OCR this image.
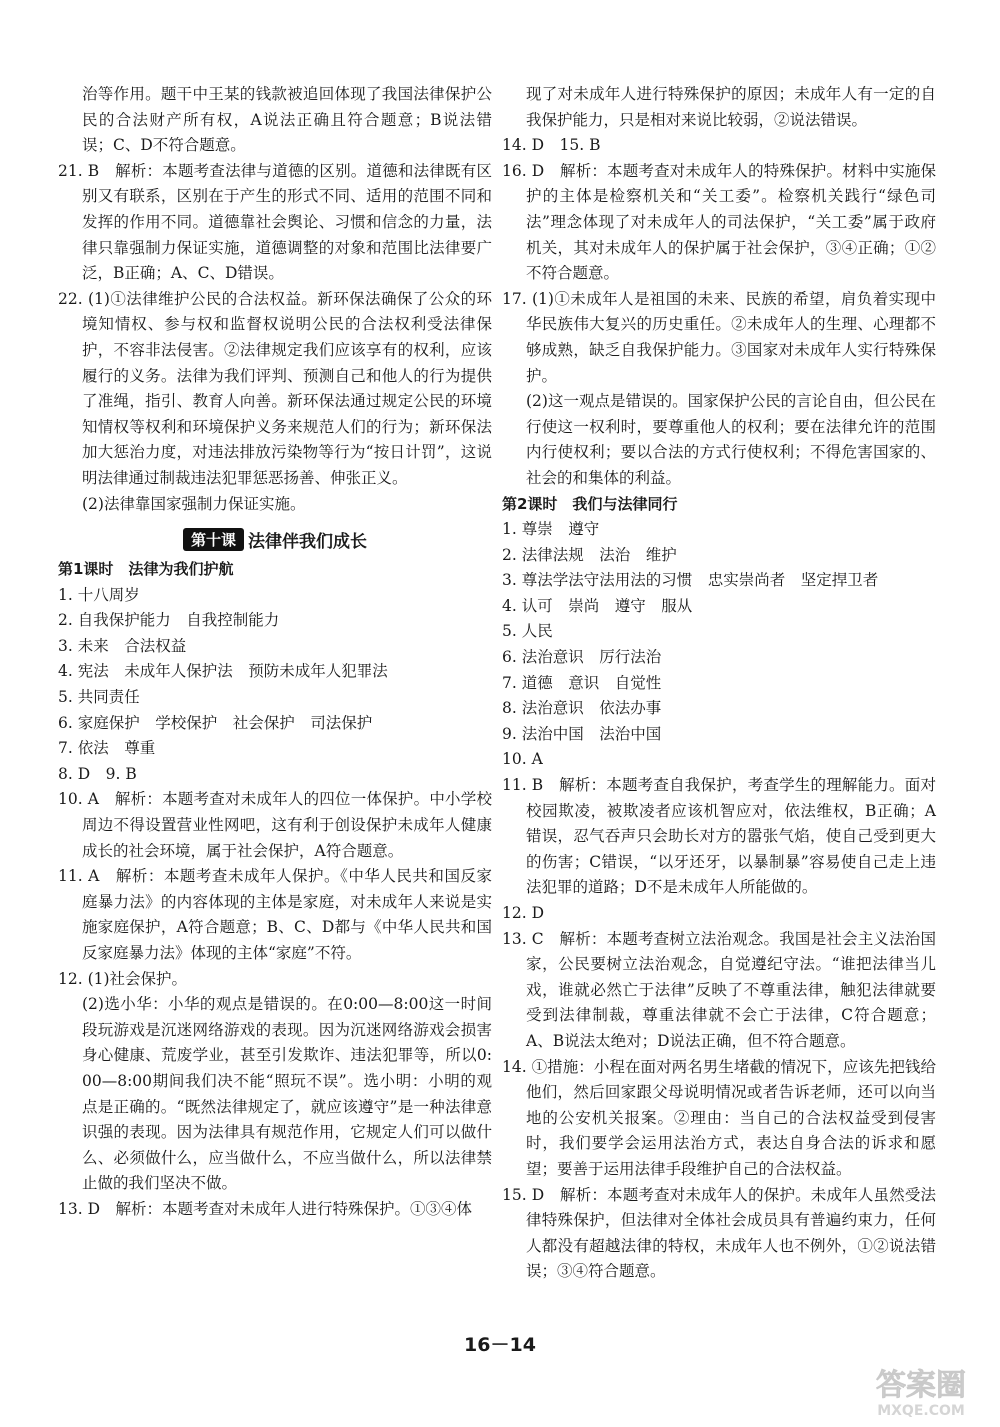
治等作用。题干中王某的钱款被追回体现了我国法律保护公民的合法财产所有权，A说法正确且符合题意；B说法错误；C、D不符合题意。

21. B　解析：本题考查法律与道德的区别。道德和法律既有区别又有联系，区别在于产生的形式不同、适用的范围不同和发挥的作用不同。道德靠社会舆论、习惯和信念的力量，法律只靠强制力保证实施，道德调整的对象和范围比法律要广泛，B正确；A、C、D错误。

22. (1)①法律维护公民的合法权益。新环保法确保了公众的环境知情权、参与权和监督权说明公民的合法权利受法律保护，不容非法侵害。②法律规定我们应该享有的权利，应该履行的义务。法律为我们评判、预测自己和他人的行为提供了准绳，指引、教育人向善。新环保法通过规定公民的环境知情权等权利和环境保护义务来规范人们的行为；新环保法加大惩治力度，对违法排放污染物等行为“按日计罚”，这说明法律通过制裁违法犯罪惩恶扬善、伸张正义。

(2)法律靠国家强制力保证实施。

第十课 法律伴我们成长

第1课时　法律为我们护航

1. 十八周岁

2. 自我保护能力　自我控制能力

3. 未来　合法权益

4. 宪法　未成年人保护法　预防未成年人犯罪法

5. 共同责任

6. 家庭保护　学校保护　社会保护　司法保护

7. 依法　尊重

8. D　9. B

10. A　解析：本题考查对未成年人的四位一体保护。中小学校周边不得设置营业性网吧，这有利于创设保护未成年人健康成长的社会环境，属于社会保护，A符合题意。

11. A　解析：本题考查未成年人保护。《中华人民共和国反家庭暴力法》的内容体现的主体是家庭，对未成年人来说是实施家庭保护，A符合题意；B、C、D都与《中华人民共和国反家庭暴力法》体现的主体“家庭”不符。

12. (1)社会保护。

(2)选小华：小华的观点是错误的。在0:00—8:00这一时间段玩游戏是沉迷网络游戏的表现。因为沉迷网络游戏会损害身心健康、荒废学业，甚至引发欺诈、违法犯罪等，所以0:00—8:00期间我们决不能“照玩不误”。选小明：小明的观点是正确的。“既然法律规定了，就应该遵守”是一种法律意识强的表现。因为法律具有规范作用，它规定人们可以做什么、必须做什么，应当做什么，不应当做什么，所以法律禁止做的我们坚决不做。

13. D　解析：本题考查对未成年人进行特殊保护。①③④体

现了对未成年人进行特殊保护的原因；未成年人有一定的自我保护能力，只是相对来说比较弱，②说法错误。

14. D　15. B

16. D　解析：本题考查对未成年人的特殊保护。材料中实施保护的主体是检察机关和“关工委”。检察机关践行“绿色司法”理念体现了对未成年人的司法保护，“关工委”属于政府机关，其对未成年人的保护属于社会保护，③④正确；①②不符合题意。

17. (1)①未成年人是祖国的未来、民族的希望，肩负着实现中华民族伟大复兴的历史重任。②未成年人的生理、心理都不够成熟，缺乏自我保护能力。③国家对未成年人实行特殊保护。

(2)这一观点是错误的。国家保护公民的言论自由，但公民在行使这一权利时，要尊重他人的权利；要在法律允许的范围内行使权利；要以合法的方式行使权利；不得危害国家的、社会的和集体的利益。

第2课时　我们与法律同行

1. 尊崇　遵守

2. 法律法规　法治　维护

3. 尊法学法守法用法的习惯　忠实崇尚者　坚定捍卫者

4. 认可　崇尚　遵守　服从

5. 人民

6. 法治意识　厉行法治

7. 道德　意识　自觉性

8. 法治意识　依法办事

9. 法治中国　法治中国

10. A

11. B　解析：本题考查自我保护，考查学生的理解能力。面对校园欺凌，被欺凌者应该机智应对，依法维权，B正确；A错误，忍气吞声只会助长对方的嚣张气焰，使自己受到更大的伤害；C错误，“以牙还牙，以暴制暴”容易使自己走上违法犯罪的道路；D不是未成年人所能做的。

12. D

13. C　解析：本题考查树立法治观念。我国是社会主义法治国家，公民要树立法治观念，自觉遵纪守法。“谁把法律当儿戏，谁就必然亡于法律”反映了不尊重法律，触犯法律就要受到法律制裁，尊重法律就不会亡于法律，C符合题意；A、B说法太绝对；D说法正确，但不符合题意。

14. ①措施：小程在面对两名男生堵截的情况下，应该先把钱给他们，然后回家跟父母说明情况或者告诉老师，还可以向当地的公安机关报案。②理由：当自己的合法权益受到侵害时，我们要学会运用法治方式，表达自身合法的诉求和愿望；要善于运用法律手段维护自己的合法权益。

15. D　解析：本题考查对未成年人的保护。未成年人虽然受法律特殊保护，但法律对全体社会成员具有普遍约束力，任何人都没有超越法律的特权，未成年人也不例外，①②说法错误；③④符合题意。

16－14
答案圈
MXQE.COM
